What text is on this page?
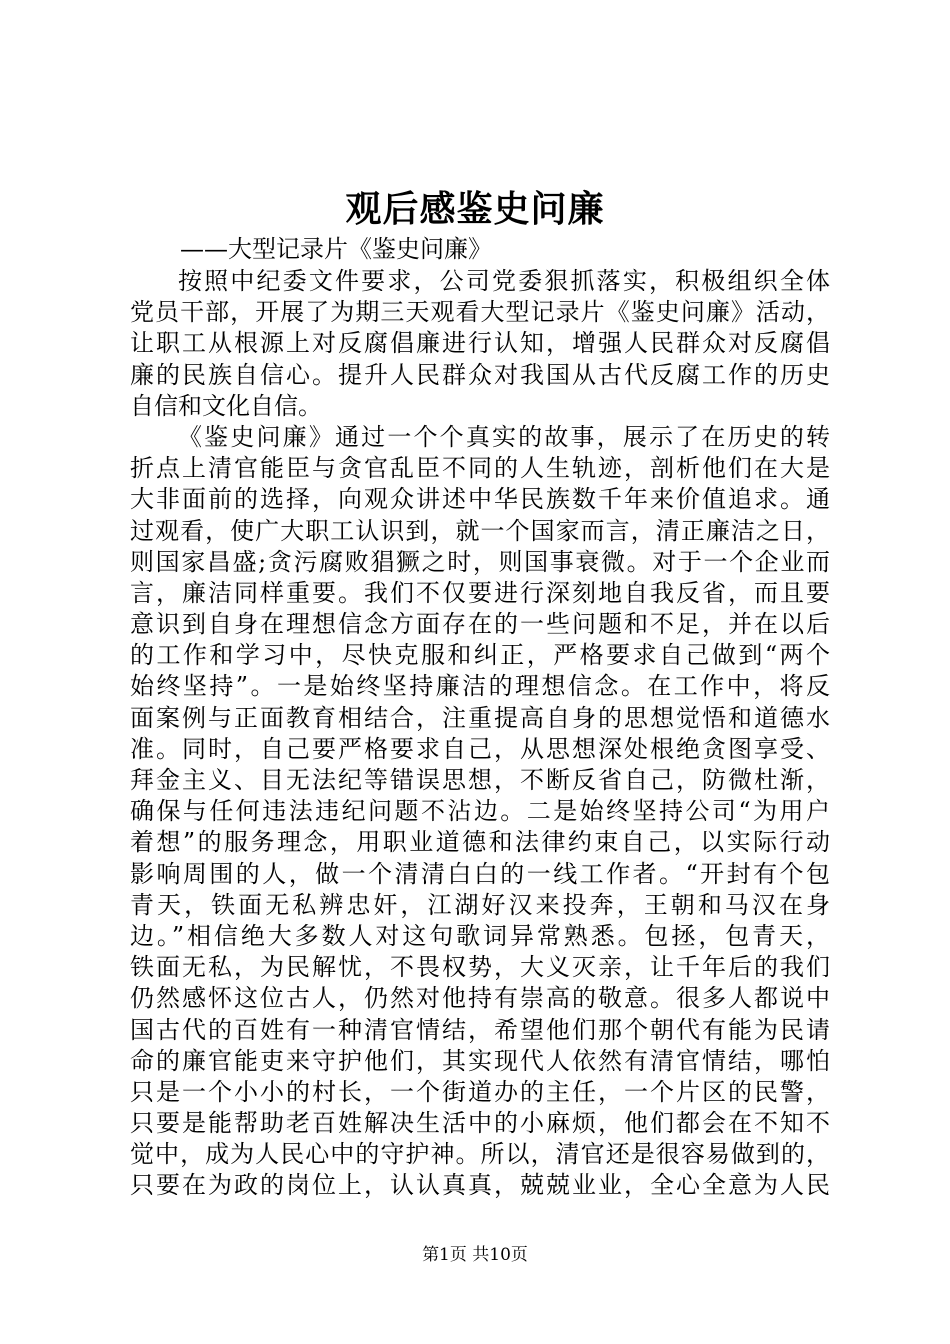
观后感鉴史问廉
——大型记录片《鉴史问廉》
按照中纪委文件要求，公司党委狠抓落实，积极组织全体
党员干部，开展了为期三天观看大型记录片《鉴史问廉》活动，
让职工从根源上对反腐倡廉进行认知，增强人民群众对反腐倡
廉的民族自信心。提升人民群众对我国从古代反腐工作的历史
自信和文化自信。
《鉴史问廉》通过一个个真实的故事，展示了在历史的转
折点上清官能臣与贪官乱臣不同的人生轨迹，剖析他们在大是
大非面前的选择，向观众讲述中华民族数千年来价值追求。通
过观看，使广大职工认识到，就一个国家而言，清正廉洁之日，
则国家昌盛;贪污腐败猖獗之时，则国事衰微。对于一个企业而
言，廉洁同样重要。我们不仅要进行深刻地自我反省，而且要
意识到自身在理想信念方面存在的一些问题和不足，并在以后
的工作和学习中，尽快克服和纠正，严格要求自己做到“两个
始终坚持”。一是始终坚持廉洁的理想信念。在工作中，将反
面案例与正面教育相结合，注重提高自身的思想觉悟和道德水
准。同时，自己要严格要求自己，从思想深处根绝贪图享受、
拜金主义、目无法纪等错误思想，不断反省自己，防微杜渐，
确保与任何违法违纪问题不沾边。二是始终坚持公司“为用户
着想”的服务理念，用职业道德和法律约束自己，以实际行动
影响周围的人，做一个清清白白的一线工作者。“开封有个包
青天，铁面无私辨忠奸，江湖好汉来投奔，王朝和马汉在身
边。”相信绝大多数人对这句歌词异常熟悉。包拯，包青天，
铁面无私，为民解忧，不畏权势，大义灭亲，让千年后的我们
仍然感怀这位古人，仍然对他持有崇高的敬意。很多人都说中
国古代的百姓有一种清官情结，希望他们那个朝代有能为民请
命的廉官能吏来守护他们，其实现代人依然有清官情结，哪怕
只是一个小小的村长，一个街道办的主任，一个片区的民警，
只要是能帮助老百姓解决生活中的小麻烦，他们都会在不知不
觉中，成为人民心中的守护神。所以，清官还是很容易做到的，
只要在为政的岗位上，认认真真，兢兢业业，全心全意为人民
第1页 共10页
